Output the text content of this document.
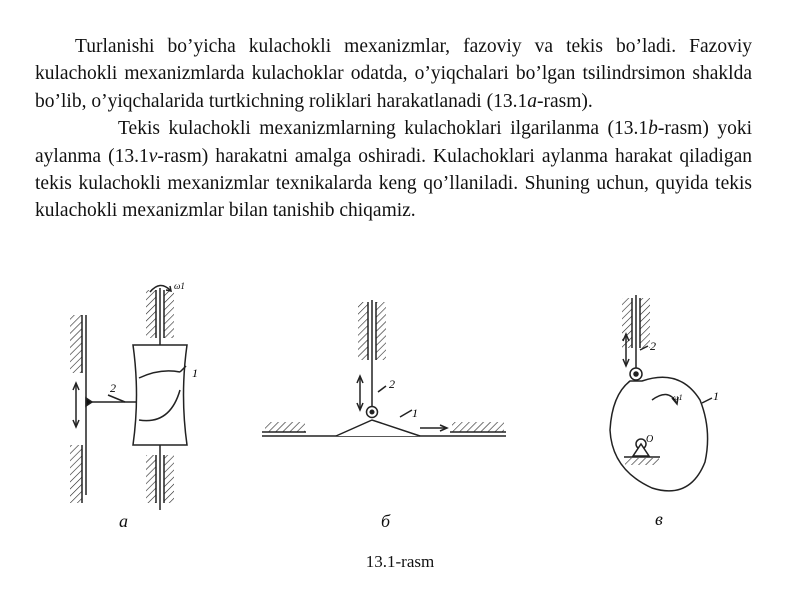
Turlanishi bo’yicha kulachokli mexanizmlar, fazoviy va tekis bo’ladi. Fazoviy kulachokli mexanizmlarda kulachoklar odatda, o’yiqchalari bo’lgan tsilindrsimon shaklda bo’lib, o’yiqchalarida turtkichning roliklari harakatlanadi (13.1a-rasm).

Tekis kulachokli mexanizmlarning kulachoklari ilgarilanma (13.1b-rasm) yoki aylanma (13.1v-rasm) harakatni amalga oshiradi. Kulachoklari aylanma harakat qiladigan tekis kulachokli mexanizmlar texnikalarda keng qo’llaniladi. Shuning uchun, quyida tekis kulachokli mexanizmlar bilan tanishib chiqamiz.

ω1
1
2	2
1
2
ω1	1
O
a	б	в
13.1-rasm
